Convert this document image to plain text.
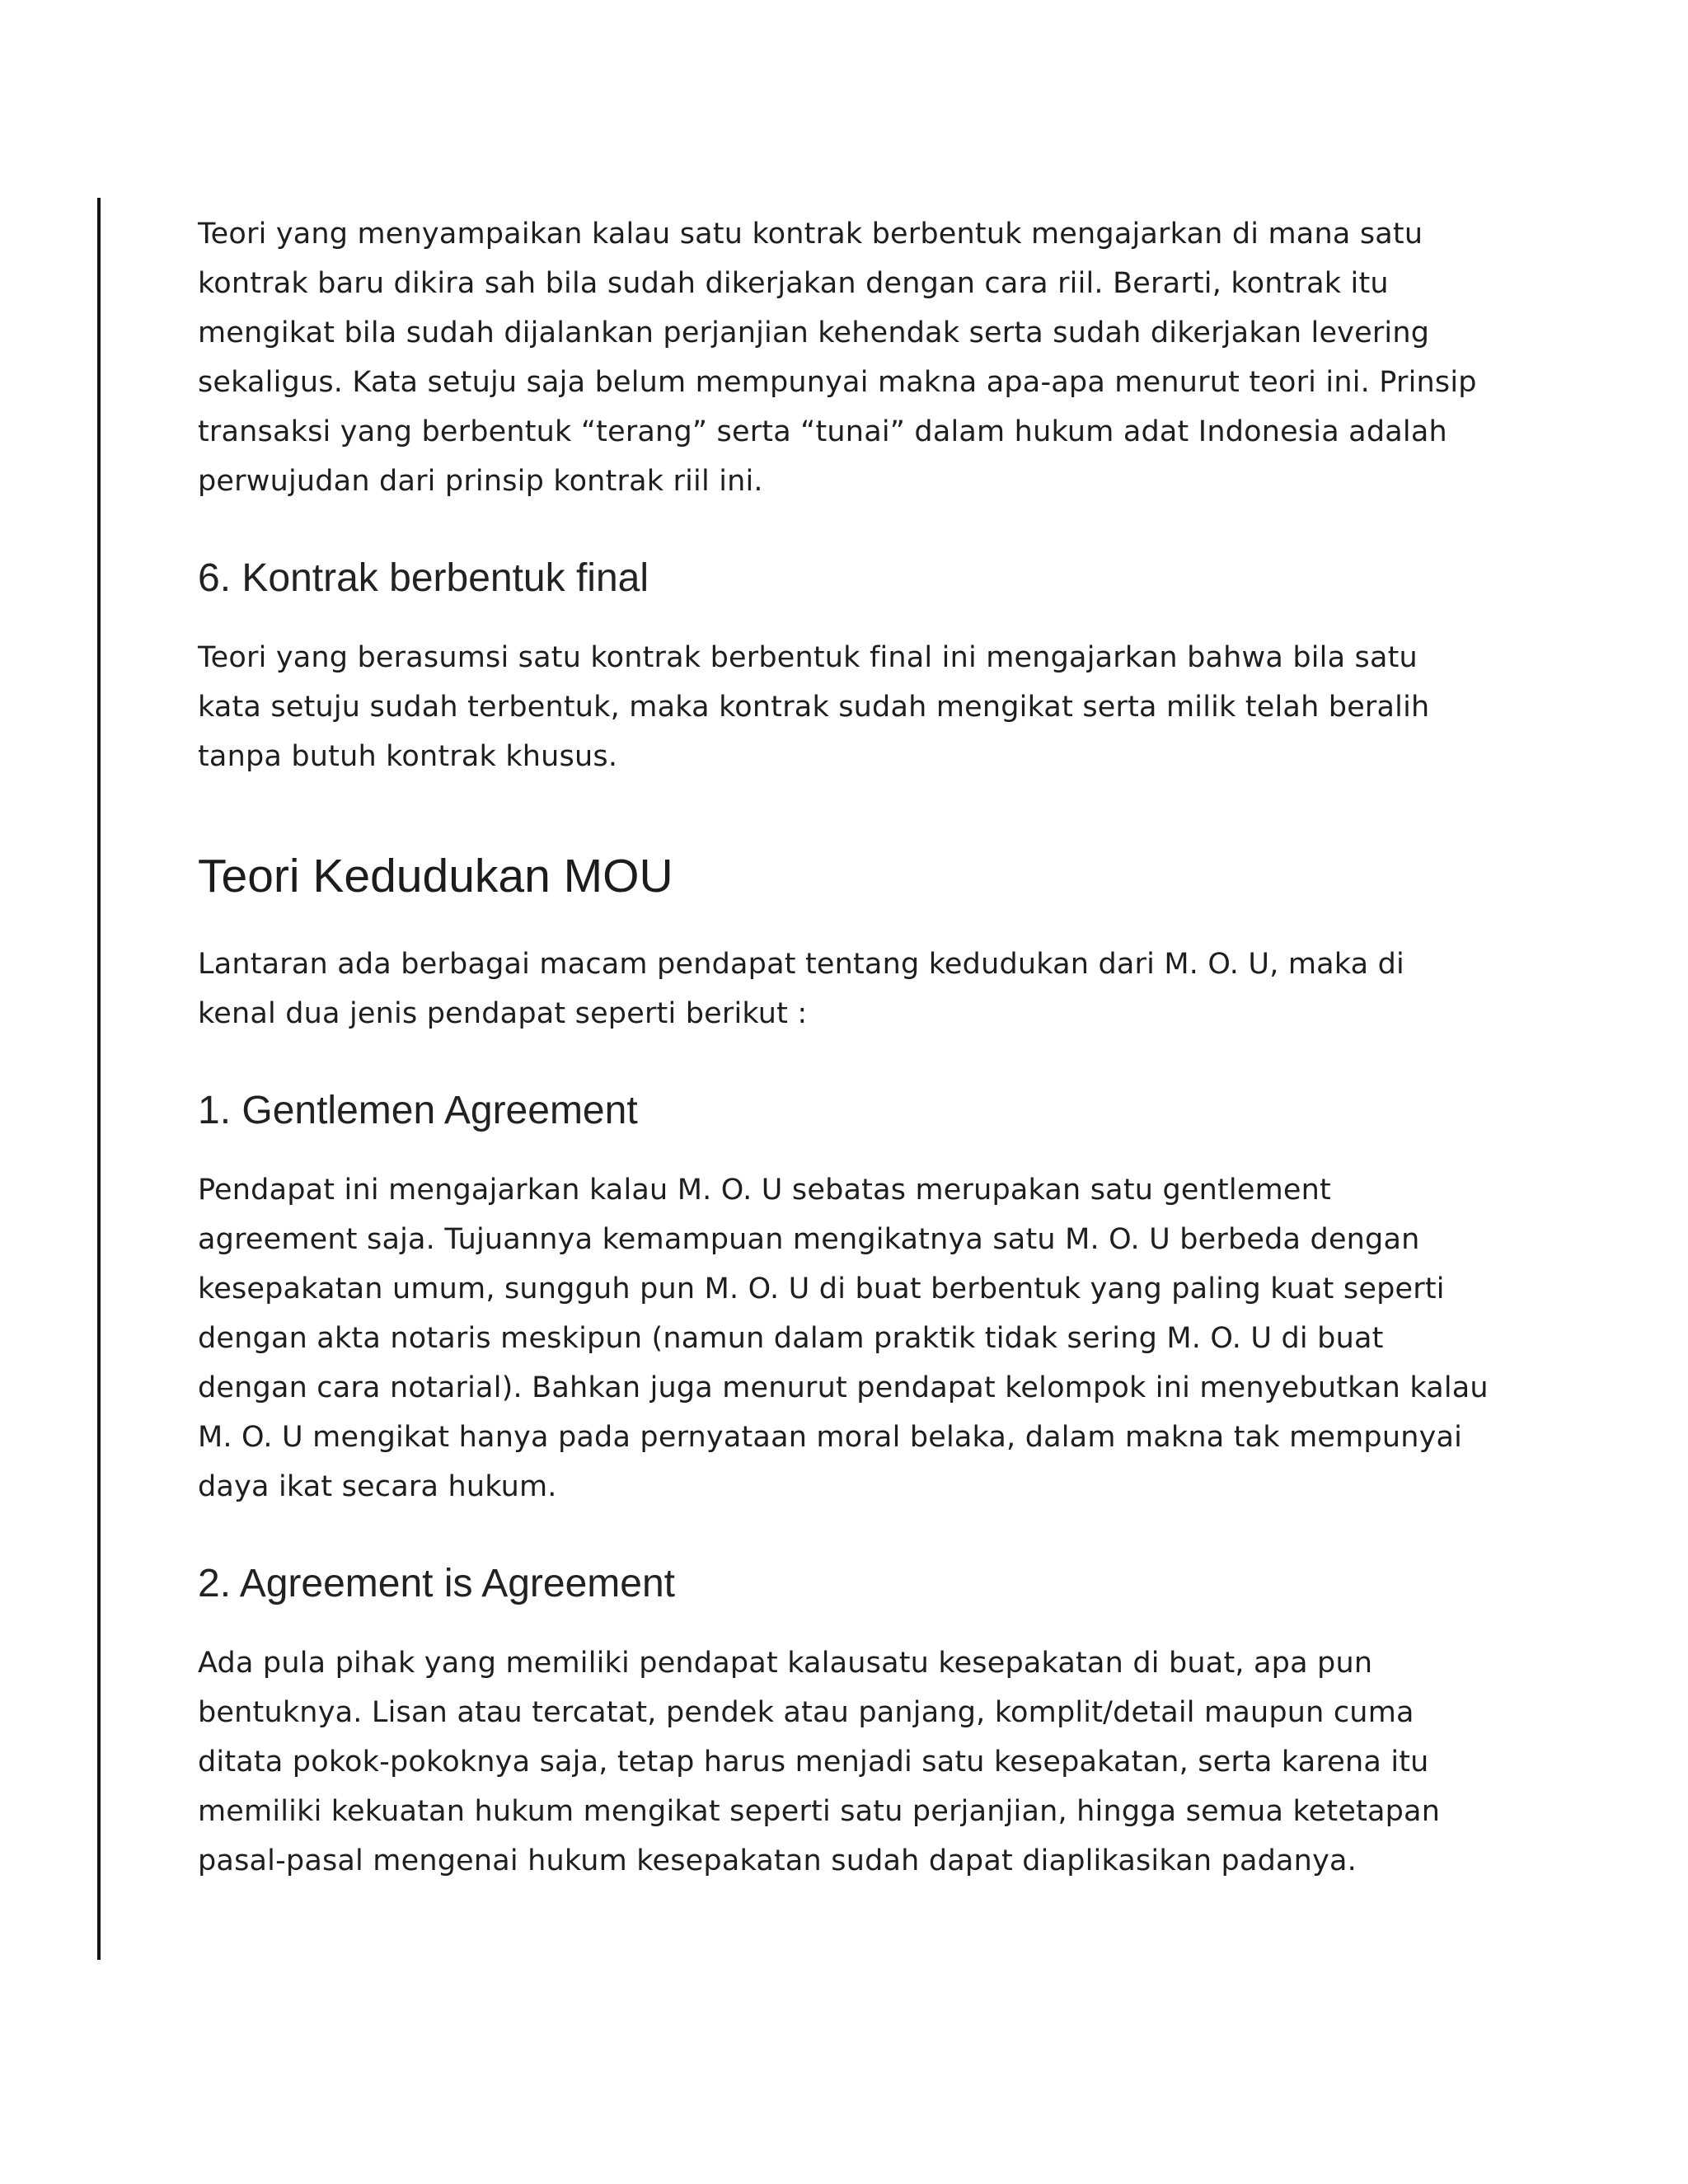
Teori yang menyampaikan kalau satu kontrak berbentuk mengajarkan di mana satu
kontrak baru dikira sah bila sudah dikerjakan dengan cara riil. Berarti, kontrak itu
mengikat bila sudah dijalankan perjanjian kehendak serta sudah dikerjakan levering
sekaligus. Kata setuju saja belum mempunyai makna apa-apa menurut teori ini. Prinsip
transaksi yang berbentuk “terang” serta “tunai” dalam hukum adat Indonesia adalah
perwujudan dari prinsip kontrak riil ini.

6. Kontrak berbentuk final

Teori yang berasumsi satu kontrak berbentuk final ini mengajarkan bahwa bila satu
kata setuju sudah terbentuk, maka kontrak sudah mengikat serta milik telah beralih
tanpa butuh kontrak khusus.

Teori Kedudukan MOU

Lantaran ada berbagai macam pendapat tentang kedudukan dari M. O. U, maka di
kenal dua jenis pendapat seperti berikut :

1. Gentlemen Agreement

Pendapat ini mengajarkan kalau M. O. U sebatas merupakan satu gentlement
agreement saja. Tujuannya kemampuan mengikatnya satu M. O. U berbeda dengan
kesepakatan umum, sungguh pun M. O. U di buat berbentuk yang paling kuat seperti
dengan akta notaris meskipun (namun dalam praktik tidak sering M. O. U di buat
dengan cara notarial). Bahkan juga menurut pendapat kelompok ini menyebutkan kalau
M. O. U mengikat hanya pada pernyataan moral belaka, dalam makna tak mempunyai
daya ikat secara hukum.

2. Agreement is Agreement

Ada pula pihak yang memiliki pendapat kalausatu kesepakatan di buat, apa pun
bentuknya. Lisan atau tercatat, pendek atau panjang, komplit/detail maupun cuma
ditata pokok-pokoknya saja, tetap harus menjadi satu kesepakatan, serta karena itu
memiliki kekuatan hukum mengikat seperti satu perjanjian, hingga semua ketetapan
pasal-pasal mengenai hukum kesepakatan sudah dapat diaplikasikan padanya.
